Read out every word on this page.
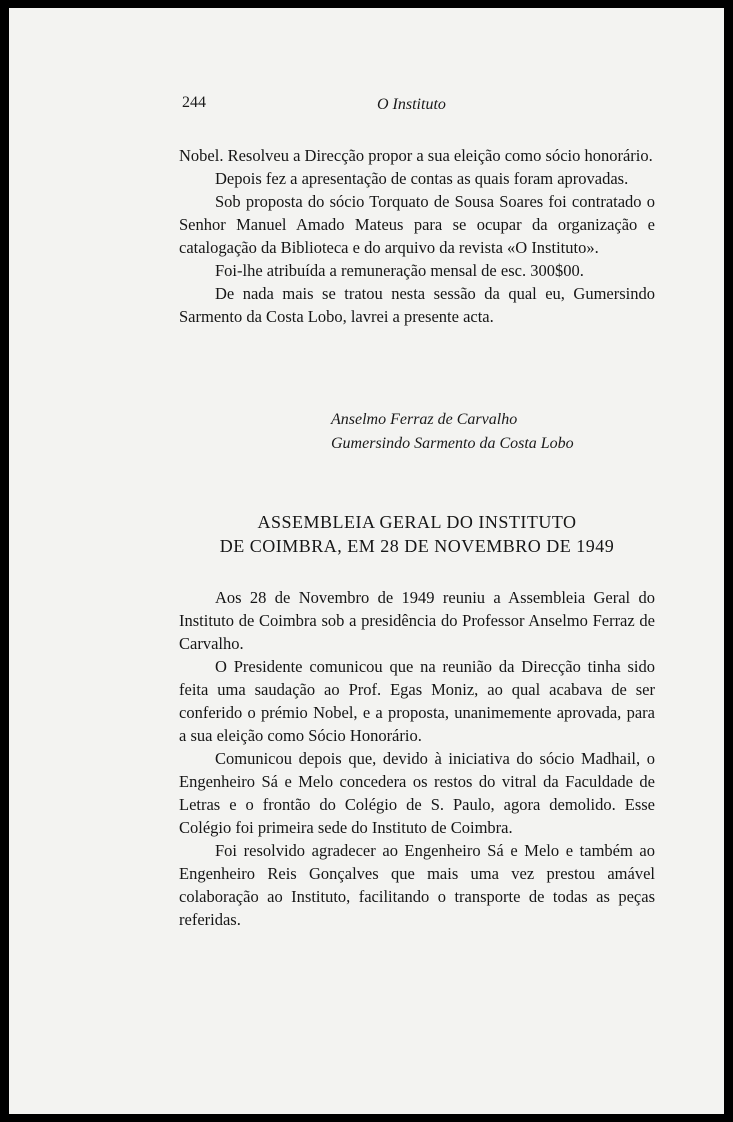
244	O Instituto

Nobel. Resolveu a Direcção propor a sua eleição como sócio honorário.

Depois fez a apresentação de contas as quais foram aprovadas.

Sob proposta do sócio Torquato de Sousa Soares foi contratado o Senhor Manuel Amado Mateus para se ocupar da organização e catalogação da Biblioteca e do arquivo da revista «O Instituto».

Foi-lhe atribuída a remuneração mensal de esc. 300$00.

De nada mais se tratou nesta sessão da qual eu, Gumersindo Sarmento da Costa Lobo, lavrei a presente acta.

Anselmo Ferraz de Carvalho
Gumersindo Sarmento da Costa Lobo
ASSEMBLEIA GERAL DO INSTITUTO
DE COIMBRA, EM 28 DE NOVEMBRO DE 1949

Aos 28 de Novembro de 1949 reuniu a Assembleia Geral do Instituto de Coimbra sob a presidência do Professor Anselmo Ferraz de Carvalho.

O Presidente comunicou que na reunião da Direcção tinha sido feita uma saudação ao Prof. Egas Moniz, ao qual acabava de ser conferido o prémio Nobel, e a proposta, unanimemente aprovada, para a sua eleição como Sócio Honorário.

Comunicou depois que, devido à iniciativa do sócio Madhail, o Engenheiro Sá e Melo concedera os restos do vitral da Faculdade de Letras e o frontão do Colégio de S. Paulo, agora demolido. Esse Colégio foi primeira sede do Instituto de Coimbra.

Foi resolvido agradecer ao Engenheiro Sá e Melo e também ao Engenheiro Reis Gonçalves que mais uma vez prestou amável colaboração ao Instituto, facilitando o transporte de todas as peças referidas.
